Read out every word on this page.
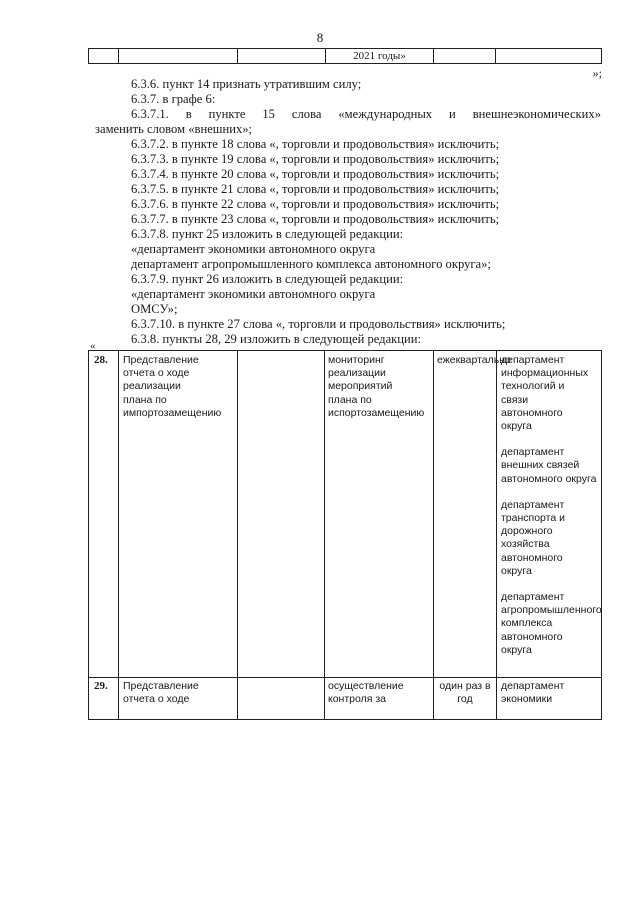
8
2021 годы»
»;
6.3.6. пункт 14 признать утратившим силу;
6.3.7. в графе 6:
6.3.7.1. в пункте 15 слова «международных и внешнеэкономических»
заменить словом «внешних»;
6.3.7.2. в пункте 18 слова «, торговли и продовольствия» исключить;
6.3.7.3. в пункте 19 слова «, торговли и продовольствия» исключить;
6.3.7.4. в пункте 20 слова «, торговли и продовольствия» исключить;
6.3.7.5. в пункте 21 слова «, торговли и продовольствия» исключить;
6.3.7.6. в пункте 22 слова «, торговли и продовольствия» исключить;
6.3.7.7. в пункте 23 слова «, торговли и продовольствия» исключить;
6.3.7.8. пункт 25 изложить в следующей редакции:
«департамент экономики автономного округа
департамент агропромышленного комплекса автономного округа»;
6.3.7.9. пункт 26 изложить в следующей редакции:
«департамент экономики автономного округа
ОМСУ»;
6.3.7.10. в пункте 27 слова «, торговли и продовольствия» исключить;
6.3.8. пункты 28, 29 изложить в следующей редакции:
«
28. Представление отчета о ходе реализации плана по импортозамещению
мониторинг реализации мероприятий плана по испортозамещению
ежеквартально
департамент информационных технологий и связи автономного округа
департамент внешних связей автономного округа
департамент транспорта и дорожного хозяйства автономного округа
департамент агропромышленного комплекса автономного округа
29. Представление отчета о ходе
осуществление контроля за
один раз в год
департамент экономики
